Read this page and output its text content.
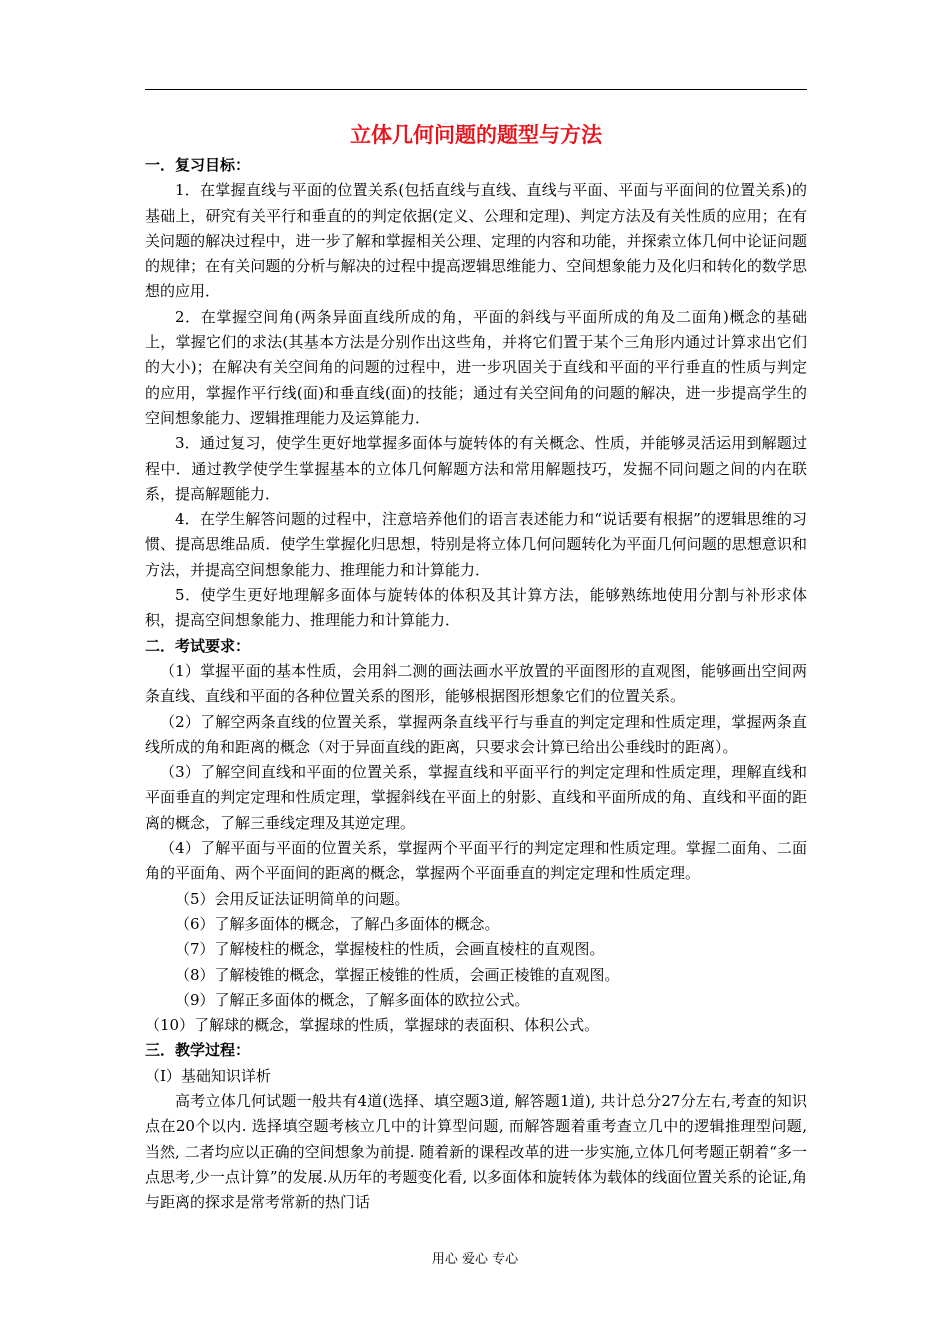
立体几何问题的题型与方法

一．复习目标：

1．在掌握直线与平面的位置关系(包括直线与直线、直线与平面、平面与平面间的位置关系)的基础上，研究有关平行和垂直的的判定依据(定义、公理和定理)、判定方法及有关性质的应用；在有关问题的解决过程中，进一步了解和掌握相关公理、定理的内容和功能，并探索立体几何中论证问题的规律；在有关问题的分析与解决的过程中提高逻辑思维能力、空间想象能力及化归和转化的数学思想的应用．

2．在掌握空间角(两条异面直线所成的角，平面的斜线与平面所成的角及二面角)概念的基础上，掌握它们的求法(其基本方法是分别作出这些角，并将它们置于某个三角形内通过计算求出它们的大小)；在解决有关空间角的问题的过程中，进一步巩固关于直线和平面的平行垂直的性质与判定的应用，掌握作平行线(面)和垂直线(面)的技能；通过有关空间角的问题的解决，进一步提高学生的空间想象能力、逻辑推理能力及运算能力．

3．通过复习，使学生更好地掌握多面体与旋转体的有关概念、性质，并能够灵活运用到解题过程中．通过教学使学生掌握基本的立体几何解题方法和常用解题技巧，发掘不同问题之间的内在联系，提高解题能力．

4．在学生解答问题的过程中，注意培养他们的语言表述能力和“说话要有根据”的逻辑思维的习惯、提高思维品质．使学生掌握化归思想，特别是将立体几何问题转化为平面几何问题的思想意识和方法，并提高空间想象能力、推理能力和计算能力．

5．使学生更好地理解多面体与旋转体的体积及其计算方法，能够熟练地使用分割与补形求体积，提高空间想象能力、推理能力和计算能力．

二．考试要求：

（1）掌握平面的基本性质，会用斜二测的画法画水平放置的平面图形的直观图，能够画出空间两条直线、直线和平面的各种位置关系的图形，能够根据图形想象它们的位置关系。

（2）了解空两条直线的位置关系，掌握两条直线平行与垂直的判定定理和性质定理，掌握两条直线所成的角和距离的概念（对于异面直线的距离，只要求会计算已给出公垂线时的距离）。

（3）了解空间直线和平面的位置关系，掌握直线和平面平行的判定定理和性质定理，理解直线和平面垂直的判定定理和性质定理，掌握斜线在平面上的射影、直线和平面所成的角、直线和平面的距离的概念，了解三垂线定理及其逆定理。

（4）了解平面与平面的位置关系，掌握两个平面平行的判定定理和性质定理。掌握二面角、二面角的平面角、两个平面间的距离的概念，掌握两个平面垂直的判定定理和性质定理。

（5）会用反证法证明简单的问题。

（6）了解多面体的概念，了解凸多面体的概念。

（7）了解棱柱的概念，掌握棱柱的性质，会画直棱柱的直观图。

（8）了解棱锥的概念，掌握正棱锥的性质，会画正棱锥的直观图。

（9）了解正多面体的概念，了解多面体的欧拉公式。

（10）了解球的概念，掌握球的性质，掌握球的表面积、体积公式。

三．教学过程：

（Ⅰ）基础知识详析

高考立体几何试题一般共有4道(选择、填空题3道, 解答题1道), 共计总分27分左右,考查的知识点在20个以内. 选择填空题考核立几中的计算型问题, 而解答题着重考查立几中的逻辑推理型问题, 当然, 二者均应以正确的空间想象为前提. 随着新的课程改革的进一步实施,立体几何考题正朝着“多一点思考,少一点计算”的发展.从历年的考题变化看, 以多面体和旋转体为载体的线面位置关系的论证,角与距离的探求是常考常新的热门话

用心 爱心 专心
